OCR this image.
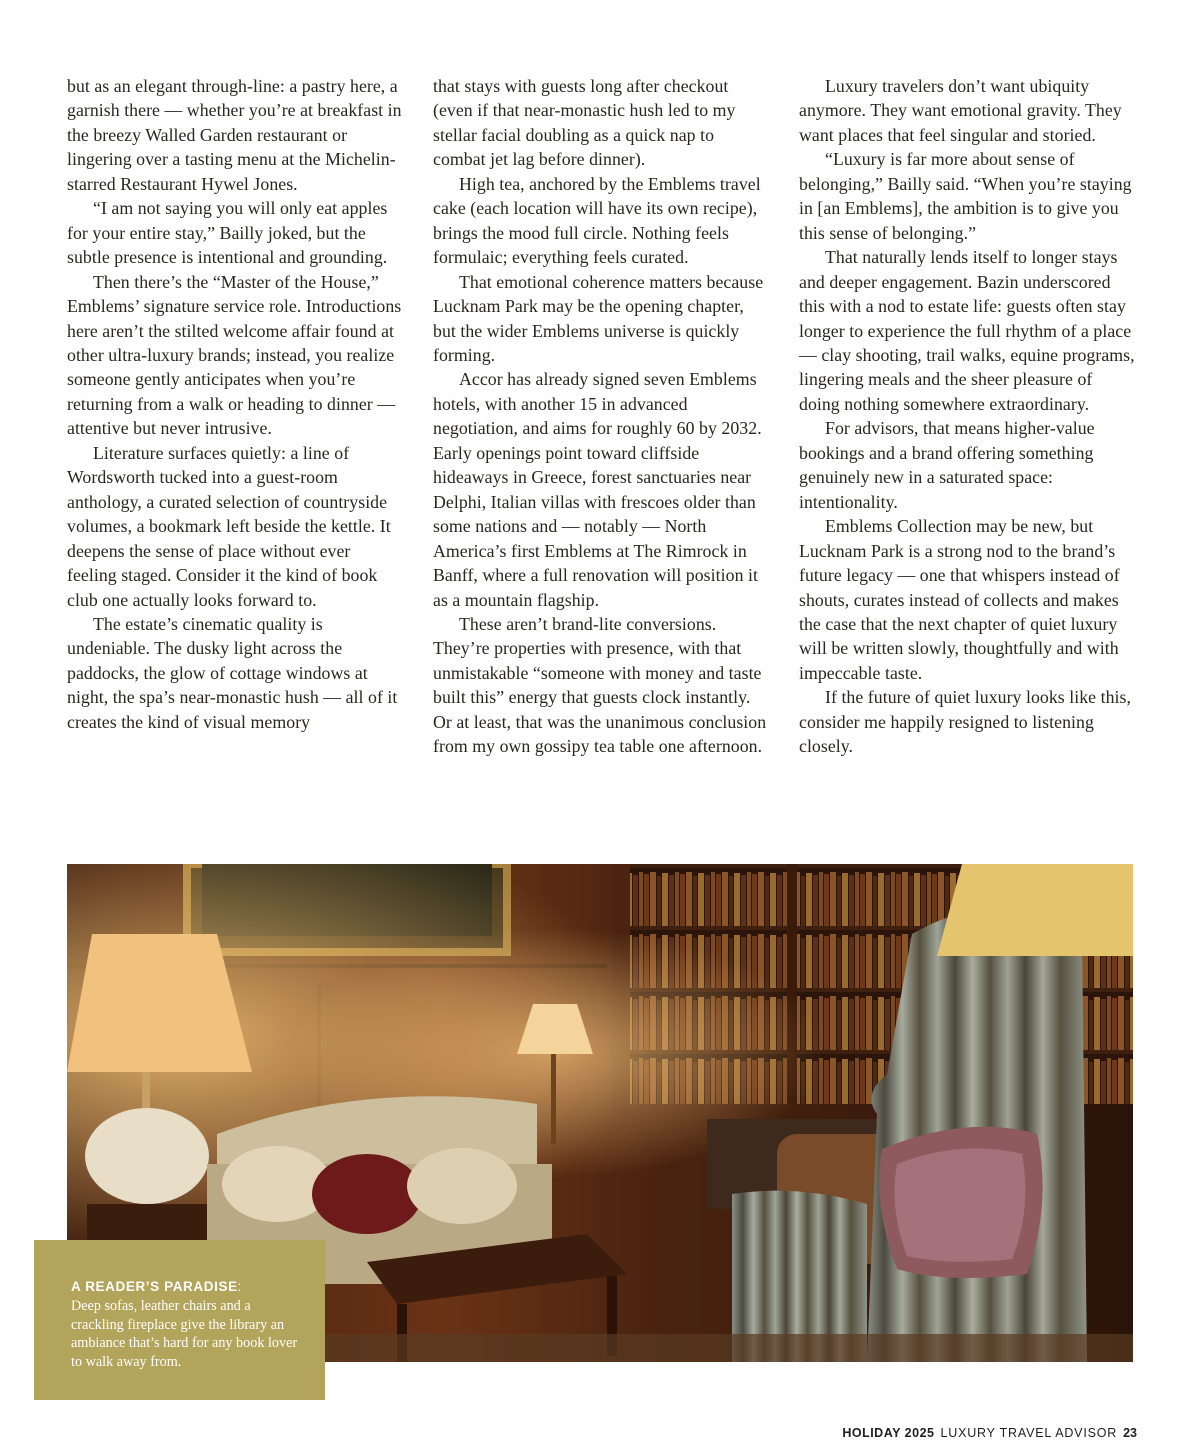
but as an elegant through-line: a pastry here, a garnish there — whether you’re at breakfast in the breezy Walled Garden restaurant or lingering over a tasting menu at the Michelin-starred Restaurant Hywel Jones.

“I am not saying you will only eat apples for your entire stay,” Bailly joked, but the subtle presence is intentional and grounding.

Then there’s the “Master of the House,” Emblems’ signature service role. Introductions here aren’t the stilted welcome affair found at other ultra-luxury brands; instead, you realize someone gently anticipates when you’re returning from a walk or heading to dinner — attentive but never intrusive.

Literature surfaces quietly: a line of Wordsworth tucked into a guest-room anthology, a curated selection of countryside volumes, a bookmark left beside the kettle. It deepens the sense of place without ever feeling staged. Consider it the kind of book club one actually looks forward to.

The estate’s cinematic quality is undeniable. The dusky light across the paddocks, the glow of cottage windows at night, the spa’s near-monastic hush — all of it creates the kind of visual memory

that stays with guests long after checkout (even if that near-monastic hush led to my stellar facial doubling as a quick nap to combat jet lag before dinner).

High tea, anchored by the Emblems travel cake (each location will have its own recipe), brings the mood full circle. Nothing feels formulaic; everything feels curated.

That emotional coherence matters because Lucknam Park may be the opening chapter, but the wider Emblems universe is quickly forming.

Accor has already signed seven Emblems hotels, with another 15 in advanced negotiation, and aims for roughly 60 by 2032. Early openings point toward cliffside hideaways in Greece, forest sanctuaries near Delphi, Italian villas with frescoes older than some nations and — notably — North America’s first Emblems at The Rimrock in Banff, where a full renovation will position it as a mountain flagship.

These aren’t brand-lite conversions. They’re properties with presence, with that unmistakable “someone with money and taste built this” energy that guests clock instantly. Or at least, that was the unanimous conclusion from my own gossipy tea table one afternoon.

Luxury travelers don’t want ubiquity anymore. They want emotional gravity. They want places that feel singular and storied.

“Luxury is far more about sense of belonging,” Bailly said. “When you’re staying in [an Emblems], the ambition is to give you this sense of belonging.”

That naturally lends itself to longer stays and deeper engagement. Bazin underscored this with a nod to estate life: guests often stay longer to experience the full rhythm of a place — clay shooting, trail walks, equine programs, lingering meals and the sheer pleasure of doing nothing somewhere extraordinary.

For advisors, that means higher-value bookings and a brand offering something genuinely new in a saturated space: intentionality.

Emblems Collection may be new, but Lucknam Park is a strong nod to the brand’s future legacy — one that whispers instead of shouts, curates instead of collects and makes the case that the next chapter of quiet luxury will be written slowly, thoughtfully and with impeccable taste.

If the future of quiet luxury looks like this, consider me happily resigned to listening closely.

A READER’S PARADISE:
Deep sofas, leather chairs and a crackling fireplace give the library an ambiance that’s hard for any book lover to walk away from.
HOLIDAY 2025 LUXURY TRAVEL ADVISOR 23
